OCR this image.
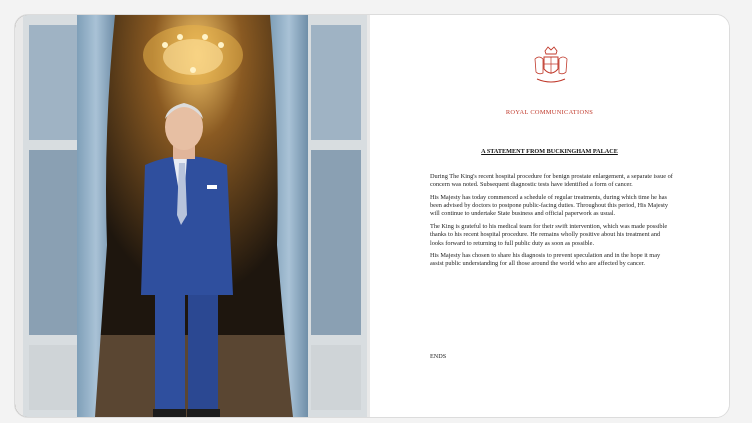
ROYAL COMMUNICATIONS
A STATEMENT FROM BUCKINGHAM PALACE

During The King's recent hospital procedure for benign prostate enlargement, a separate issue of concern was noted. Subsequent diagnostic tests have identified a form of cancer.

His Majesty has today commenced a schedule of regular treatments, during which time he has been advised by doctors to postpone public-facing duties. Throughout this period, His Majesty will continue to undertake State business and official paperwork as usual.

The King is grateful to his medical team for their swift intervention, which was made possible thanks to his recent hospital procedure. He remains wholly positive about his treatment and looks forward to returning to full public duty as soon as possible.

His Majesty has chosen to share his diagnosis to prevent speculation and in the hope it may assist public understanding for all those around the world who are affected by cancer.

ENDS
